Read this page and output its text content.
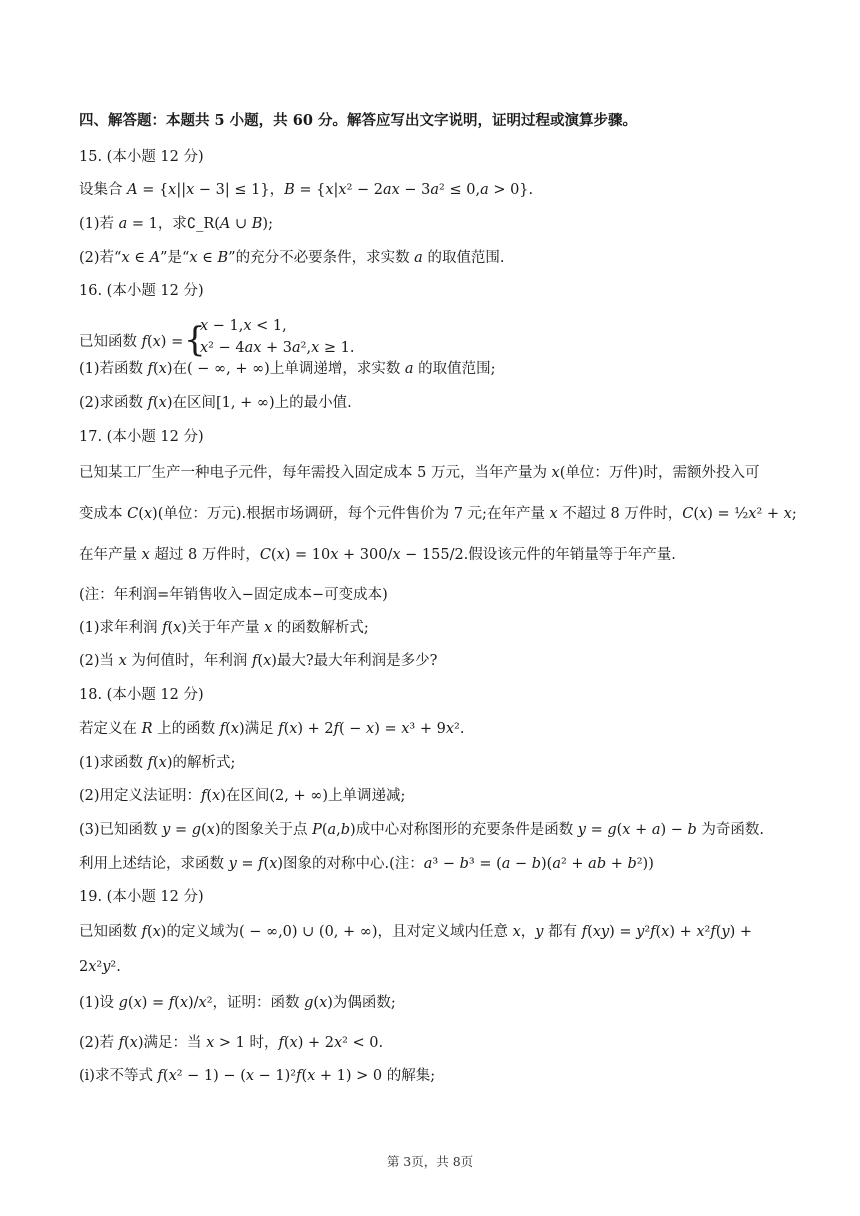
四、解答题：本题共 5 小题，共 60 分。解答应写出文字说明，证明过程或演算步骤。
15. (本小题 12 分)
设集合 𝐴 = {𝑥||𝑥 − 3| ≤ 1}，𝐵 = {𝑥|𝑥² − 2𝑎𝑥 − 3𝑎² ≤ 0,𝑎 > 0}.
(1)若 𝑎 = 1，求∁_R(𝐴 ∪ 𝐵);
(2)若“𝑥 ∈ 𝐴”是“𝑥 ∈ 𝐵”的充分不必要条件，求实数 𝑎 的取值范围.
16. (本小题 12 分)
已知函数 𝑓(𝑥) = {
𝑥 − 1,𝑥 < 1,
𝑥² − 4𝑎𝑥 + 3𝑎²,𝑥 ≥ 1.
(1)若函数 𝑓(𝑥)在( − ∞, + ∞)上单调递增，求实数 𝑎 的取值范围;
(2)求函数 𝑓(𝑥)在区间[1, + ∞)上的最小值.
17. (本小题 12 分)
已知某工厂生产一种电子元件，每年需投入固定成本 5 万元，当年产量为 𝑥(单位：万件)时，需额外投入可
变成本 𝐶(𝑥)(单位：万元).根据市场调研，每个元件售价为 7 元;在年产量 𝑥 不超过 8 万件时，𝐶(𝑥) = ½𝑥² + 𝑥;
在年产量 𝑥 超过 8 万件时，𝐶(𝑥) = 10𝑥 + 300/𝑥 − 155/2.假设该元件的年销量等于年产量.
(注：年利润=年销售收入−固定成本−可变成本)
(1)求年利润 𝑓(𝑥)关于年产量 𝑥 的函数解析式;
(2)当 𝑥 为何值时，年利润 𝑓(𝑥)最大?最大年利润是多少?
18. (本小题 12 分)
若定义在 𝑅 上的函数 𝑓(𝑥)满足 𝑓(𝑥) + 2𝑓( − 𝑥) = 𝑥³ + 9𝑥².
(1)求函数 𝑓(𝑥)的解析式;
(2)用定义法证明：𝑓(𝑥)在区间(2, + ∞)上单调递减;
(3)已知函数 𝑦 = 𝑔(𝑥)的图象关于点 𝑃(𝑎,𝑏)成中心对称图形的充要条件是函数 𝑦 = 𝑔(𝑥 + 𝑎) − 𝑏 为奇函数.
利用上述结论，求函数 𝑦 = 𝑓(𝑥)图象的对称中心.(注：𝑎³ − 𝑏³ = (𝑎 − 𝑏)(𝑎² + 𝑎𝑏 + 𝑏²))
19. (本小题 12 分)
已知函数 𝑓(𝑥)的定义域为( − ∞,0) ∪ (0, + ∞)，且对定义域内任意 𝑥，𝑦 都有 𝑓(𝑥𝑦) = 𝑦²𝑓(𝑥) + 𝑥²𝑓(𝑦) +
2𝑥²𝑦².
(1)设 𝑔(𝑥) = 𝑓(𝑥)/𝑥²，证明：函数 𝑔(𝑥)为偶函数;
(2)若 𝑓(𝑥)满足：当 𝑥 > 1 时，𝑓(𝑥) + 2𝑥² < 0.
(ⅰ)求不等式 𝑓(𝑥² − 1) − (𝑥 − 1)²𝑓(𝑥 + 1) > 0 的解集;
第 3页，共 8页
